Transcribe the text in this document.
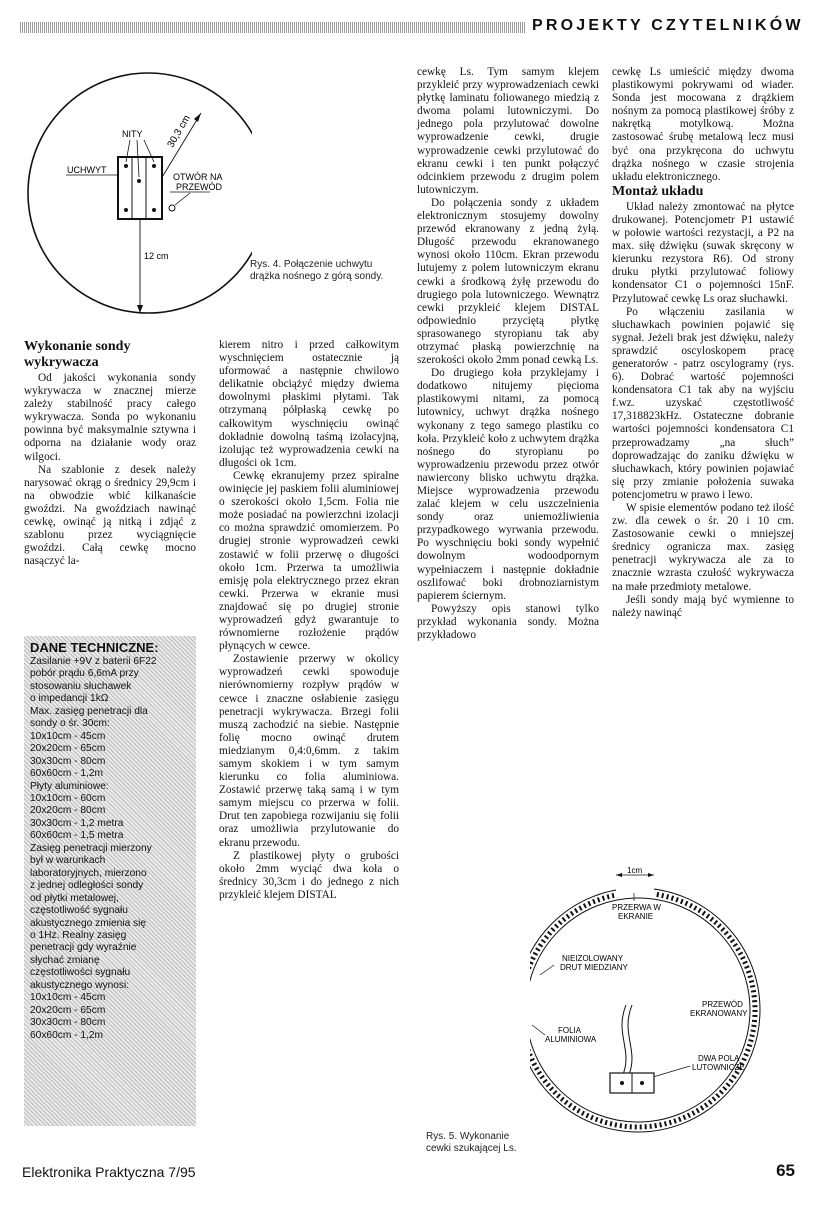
PROJEKTY CZYTELNIKÓW
30,3 cm
NITY
UCHWYT
OTWÓR NA
PRZEWÓD
12 cm
Rys. 4. Połączenie uchwytu drążka nośnego z górą sondy.
Wykonanie sondy wykrywacza

Od jakości wykonania sondy wykrywacza w znacznej mierze zależy stabilność pracy całego wykrywacza. Sonda po wykonaniu powinna być maksymalnie sztywna i odporna na działanie wody oraz wilgoci.

Na szablonie z desek należy narysować okrąg o średnicy 29,9cm i na obwodzie wbić kilkanaście gwoździ. Na gwoździach nawinąć cewkę, owinąć ją nitką i zdjąć z szablonu przez wyciągnięcie gwoździ. Całą cewkę mocno nasączyć la-

DANE TECHNICZNE:
Zasilanie +9V z baterii 6F22
pobór prądu 6,6mA przy
stosowaniu słuchawek
o impedancji 1kΩ
Max. zasięg penetracji dla
sondy o śr. 30cm:
10x10cm - 45cm
20x20cm - 65cm
30x30cm - 80cm
60x60cm - 1,2m
Płyty aluminiowe:
10x10cm - 60cm
20x20cm - 80cm
30x30cm - 1,2 metra
60x60cm - 1,5 metra
Zasięg penetracji mierzony
był w warunkach
laboratoryjnych, mierzono
z jednej odległości sondy
od płytki metalowej,
częstotliwość sygnału
akustycznego zmienia się
o 1Hz. Realny zasięg
penetracji gdy wyraźnie
słychać zmianę
częstotliwości sygnału
akustycznego wynosi:
10x10cm - 45cm
20x20cm - 65cm
30x30cm - 80cm
60x60cm - 1,2m

kierem nitro i przed całkowitym wyschnięciem ostatecznie ją uformować a następnie chwilowo delikatnie obciążyć między dwiema dowolnymi płaskimi płytami. Tak otrzymaną półpłaską cewkę po całkowitym wyschnięciu owinąć dokładnie dowolną taśmą izolacyjną, izolując też wyprowadzenia cewki na długości ok 1cm.

Cewkę ekranujemy przez spiralne owinięcie jej paskiem folii aluminiowej o szerokości około 1,5cm. Folia nie może posiadać na powierzchni izolacji co można sprawdzić omomierzem. Po drugiej stronie wyprowadzeń cewki zostawić w folii przerwę o długości około 1cm. Przerwa ta umożliwia emisję pola elektrycznego przez ekran cewki. Przerwa w ekranie musi znajdować się po drugiej stronie wyprowadzeń gdyż gwarantuje to równomierne rozłożenie prądów płynących w cewce.

Zostawienie przerwy w okolicy wyprowadzeń cewki spowoduje nierównomierny rozpływ prądów w cewce i znaczne osłabienie zasięgu penetracji wykrywacza. Brzegi folii muszą zachodzić na siebie. Następnie folię mocno owinąć drutem miedzianym 0,4:0,6mm. z takim samym skokiem i w tym samym kierunku co folia aluminiowa. Zostawić przerwę taką samą i w tym samym miejscu co przerwa w folii. Drut ten zapobiega rozwijaniu się folii oraz umożliwia przylutowanie do ekranu przewodu.

Z plastikowej płyty o grubości około 2mm wyciąć dwa koła o średnicy 30,3cm i do jednego z nich przykleić klejem DISTAL

cewkę Ls. Tym samym klejem przykleić przy wyprowadzeniach cewki płytkę laminatu foliowanego miedzią z dwoma polami lutowniczymi. Do jednego pola przylutować dowolne wyprowadzenie cewki, drugie wyprowadzenie cewki przylutować do ekranu cewki i ten punkt połączyć odcinkiem przewodu z drugim polem lutowniczym.

Do połączenia sondy z układem elektronicznym stosujemy dowolny przewód ekranowany z jedną żyłą. Długość przewodu ekranowanego wynosi około 110cm. Ekran przewodu lutujemy z polem lutowniczym ekranu cewki a środkową żyłę przewodu do drugiego pola lutowniczego. Wewnątrz cewki przykleić klejem DISTAL odpowiednio przyciętą płytkę sprasowanego styropianu tak aby otrzymać płaską powierzchnię na szerokości około 2mm ponad cewką Ls.

Do drugiego koła przyklejamy i dodatkowo nitujemy pięcioma plastikowymi nitami, za pomocą lutownicy, uchwyt drążka nośnego wykonany z tego samego plastiku co koła. Przykleić koło z uchwytem drążka nośnego do styropianu po wyprowadzeniu przewodu przez otwór nawiercony blisko uchwytu drążka. Miejsce wyprowadzenia przewodu zalać klejem w celu uszczelnienia sondy oraz uniemożliwienia przypadkowego wyrwania przewodu. Po wyschnięciu boki sondy wypełnić dowolnym wodoodpornym wypełniaczem i następnie dokładnie oszlifować boki drobnoziarnistym papierem ściernym.

Powyższy opis stanowi tylko przykład wykonania sondy. Można przykładowo

cewkę Ls umieścić między dwoma plastikowymi pokrywami od wiader. Sonda jest mocowana z drążkiem nośnym za pomocą plastikowej śróby z nakrętką motylkową. Można zastosować śrubę metalową lecz musi być ona przykręcona do uchwytu drążka nośnego w czasie strojenia układu elektronicznego.

Montaż układu

Układ należy zmontować na płytce drukowanej. Potencjometr P1 ustawić w połowie wartości rezystacji, a P2 na max. siłę dźwięku (suwak skręcony w kierunku rezystora R6). Od strony druku płytki przylutować foliowy kondensator C1 o pojemności 15nF. Przylutować cewkę Ls oraz słuchawki.

Po włączeniu zasilania w słuchawkach powinien pojawić się sygnał. Jeżeli brak jest dźwięku, należy sprawdzić oscyloskopem pracę generatorów - patrz oscylogramy (rys. 6). Dobrać wartość pojemności kondensatora C1 tak aby na wyjściu f.wz. uzyskać częstotliwość 17,318823kHz. Ostateczne dobranie wartości pojemności kondensatora C1 przeprowadzamy „na słuch” doprowadzając do zaniku dźwięku w słuchawkach, który powinien pojawiać się przy zmianie położenia suwaka potencjometru w prawo i lewo.

W spisie elementów podano też ilość zw. dla cewek o śr. 20 i 10 cm. Zastosowanie cewki o mniejszej średnicy ogranicza max. zasięg penetracji wykrywacza ale za to znacznie wzrasta czułość wykrywacza na małe przedmioty metalowe.

Jeśli sondy mają być wymienne to należy nawinąć

1cm
PRZERWA W
EKRANIE
NIEIZOLOWANY
DRUT MIEDZIANY
PRZEWÓD
EKRANOWANY
FOLIA
ALUMINIOWA
DWA POLA
LUTOWNICZE
Rys. 5. Wykonanie cewki szukającej Ls.
Elektronika Praktyczna 7/95	65
